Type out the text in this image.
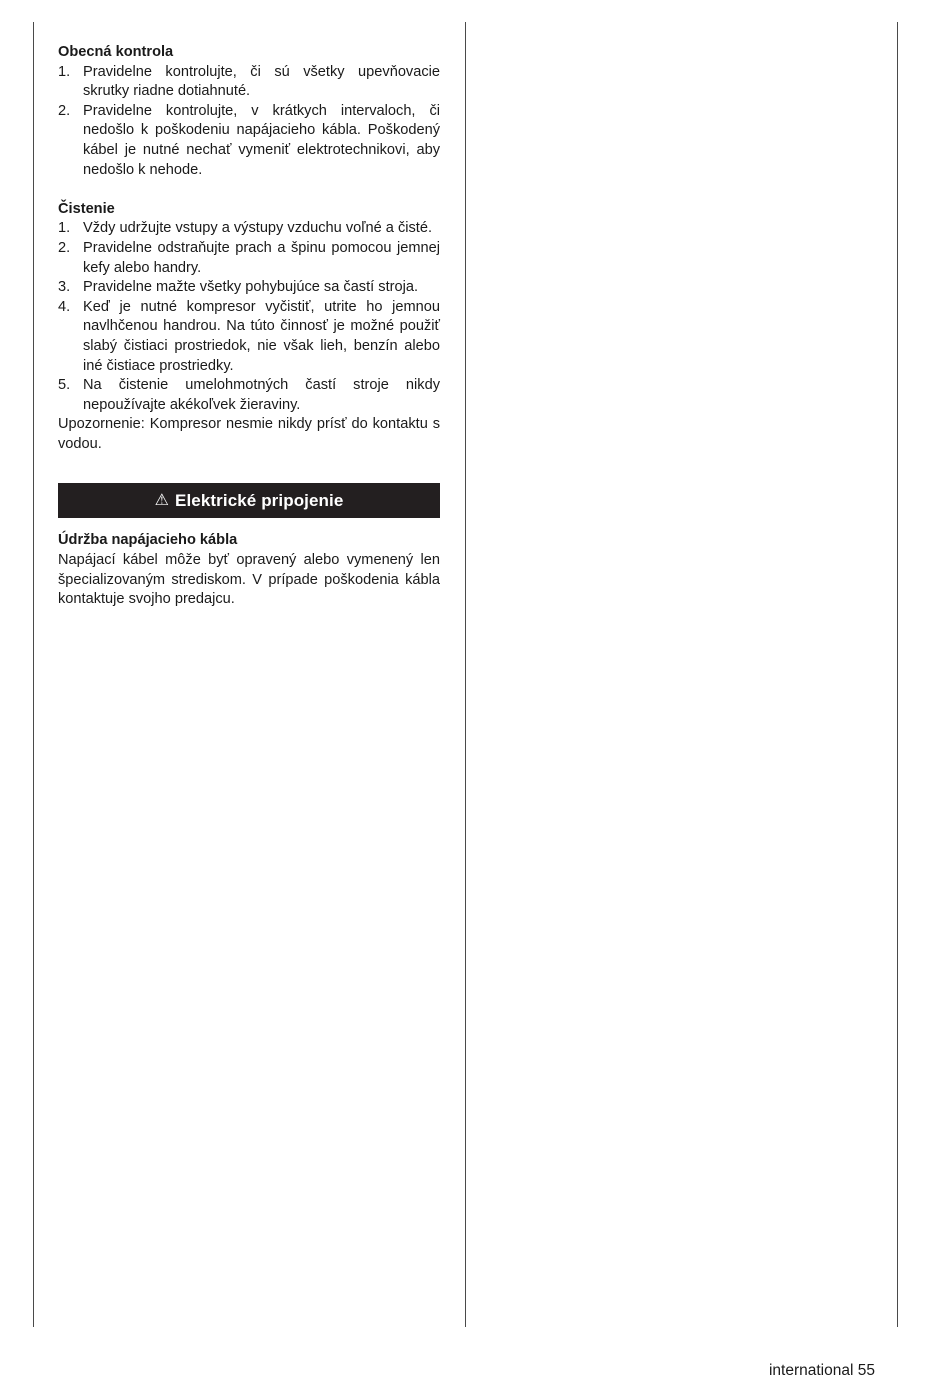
Obecná kontrola

1. Pravidelne kontrolujte, či sú všetky upevňovacie skrutky riadne dotiahnuté.
2. Pravidelne kontrolujte, v krátkych intervaloch, či nedošlo k poškodeniu napájacieho kábla. Poškodený kábel je nutné nechať vymeniť elektrotechnikovi, aby nedošlo k nehode.

Čistenie

1. Vždy udržujte vstupy a výstupy vzduchu voľné a čisté.
2. Pravidelne odstraňujte prach a špinu pomocou jemnej kefy alebo handry.
3. Pravidelne mažte všetky pohybujúce sa častí stroja.
4. Keď je nutné kompresor vyčistiť, utrite ho jemnou navlhčenou handrou. Na túto činnosť je možné použiť slabý čistiaci prostriedok, nie však lieh, benzín alebo iné čistiace prostriedky.
5. Na čistenie umelohmotných častí stroje nikdy nepoužívajte akékoľvek žieraviny.

Upozornenie: Kompresor nesmie nikdy prísť do kontaktu s vodou.

⚠ Elektrické pripojenie

Údržba napájacieho kábla

Napájací kábel môže byť opravený alebo vymenený len špecializovaným strediskom. V prípade poškodenia kábla kontaktuje svojho predajcu.

international 55
